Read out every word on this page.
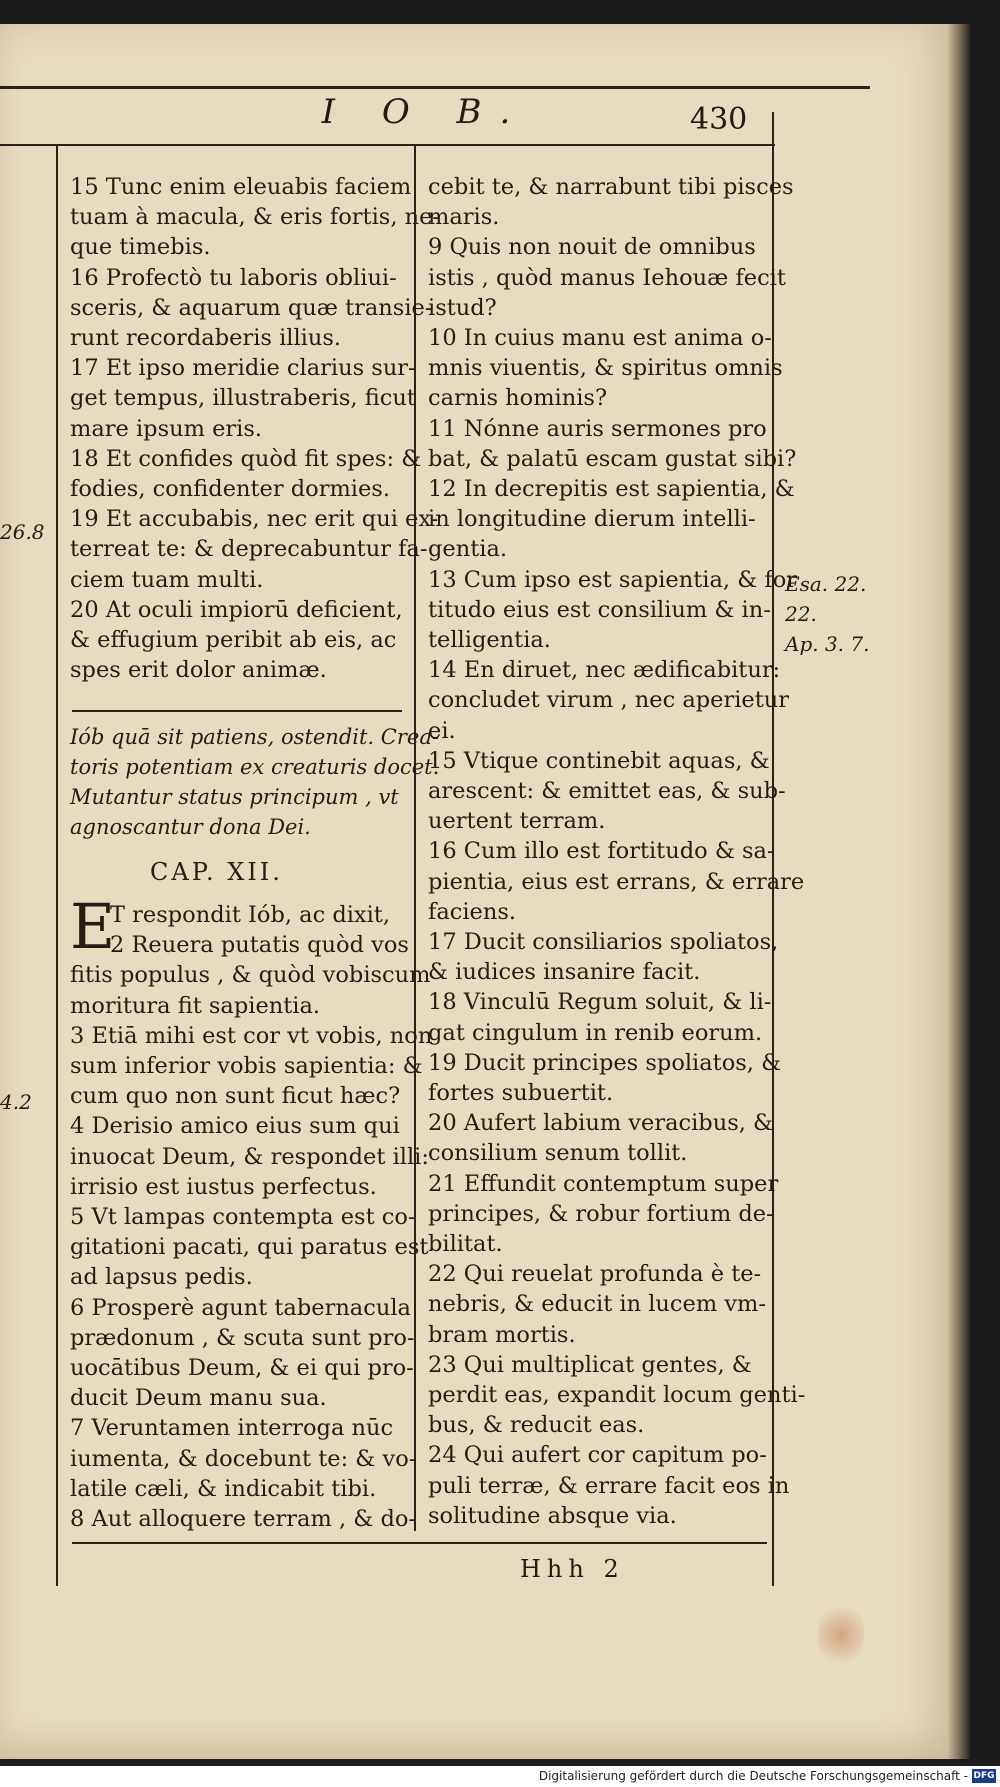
I O B.	430
15 Tunc enim eleuabis faciem
tuam à macula, & eris fortis, ne-
que timebis.
16 Profectò tu laboris obliui-
sceris, & aquarum quæ transie-
runt recordaberis illius.
17 Et ipso meridie clarius sur-
get tempus, illustraberis, ficut
mare ipsum eris.
18 Et confides quòd fit spes: &
fodies, confidenter dormies.
19 Et accubabis, nec erit qui ex-
terreat te: & deprecabuntur fa-
ciem tuam multi.
20 At oculi impiorū deficient,
& effugium peribit ab eis, ac
spes erit dolor animæ.
Iób quā sit patiens, ostendit. Crea-
toris potentiam ex creaturis docet.
Mutantur status principum , vt
agnoscantur dona Dei.
CAP. XII.
E
T respondit Iób, ac dixit,
2 Reuera putatis quòd vos
fitis populus , & quòd vobiscum
moritura fit sapientia.
3 Etiā mihi est cor vt vobis, non
sum inferior vobis sapientia: &
cum quo non sunt ficut hæc?
4 Derisio amico eius sum qui
inuocat Deum, & respondet illi:
irrisio est iustus perfectus.
5 Vt lampas contempta est co-
gitationi pacati, qui paratus est
ad lapsus pedis.
6 Prosperè agunt tabernacula
prædonum , & scuta sunt pro-
uocātibus Deum, & ei qui pro-
ducit Deum manu sua.
7 Veruntamen interroga nūc
iumenta, & docebunt te: & vo-
latile cæli, & indicabit tibi.
8 Aut alloquere terram , & do-
cebit te, & narrabunt tibi pisces
maris.
9 Quis non nouit de omnibus
istis , quòd manus Iehouæ fecit
istud?
10 In cuius manu est anima o-
mnis viuentis, & spiritus omnis
carnis hominis?
11 Nónne auris sermones pro
bat, & palatū escam gustat sibi?
12 In decrepitis est sapientia, &
in longitudine dierum intelli-
gentia.
13 Cum ipso est sapientia, & for
titudo eius est consilium & in-
telligentia.
14 En diruet, nec ædificabitur:
concludet virum , nec aperietur
ei.
15 Vtique continebit aquas, &
arescent: & emittet eas, & sub-
uertent terram.
16 Cum illo est fortitudo & sa-
pientia, eius est errans, & errare
faciens.
17 Ducit consiliarios spoliatos,
& iudices insanire facit.
18 Vinculū Regum soluit, & li-
gat cingulum in renib eorum.
19 Ducit principes spoliatos, &
fortes subuertit.
20 Aufert labium veracibus, &
consilium senum tollit.
21 Effundit contemptum super
principes, & robur fortium de-
bilitat.
22 Qui reuelat profunda è te-
nebris, & educit in lucem vm-
bram mortis.
23 Qui multiplicat gentes, &
perdit eas, expandit locum genti-
bus, & reducit eas.
24 Qui aufert cor capitum po-
puli terræ, & errare facit eos in
solitudine absque via.
26.8
4.2
Esa. 22.
22.
Ap. 3. 7.
Hhh 2
Digitalisierung gefördert durch die Deutsche Forschungsgemeinschaft - DFG
